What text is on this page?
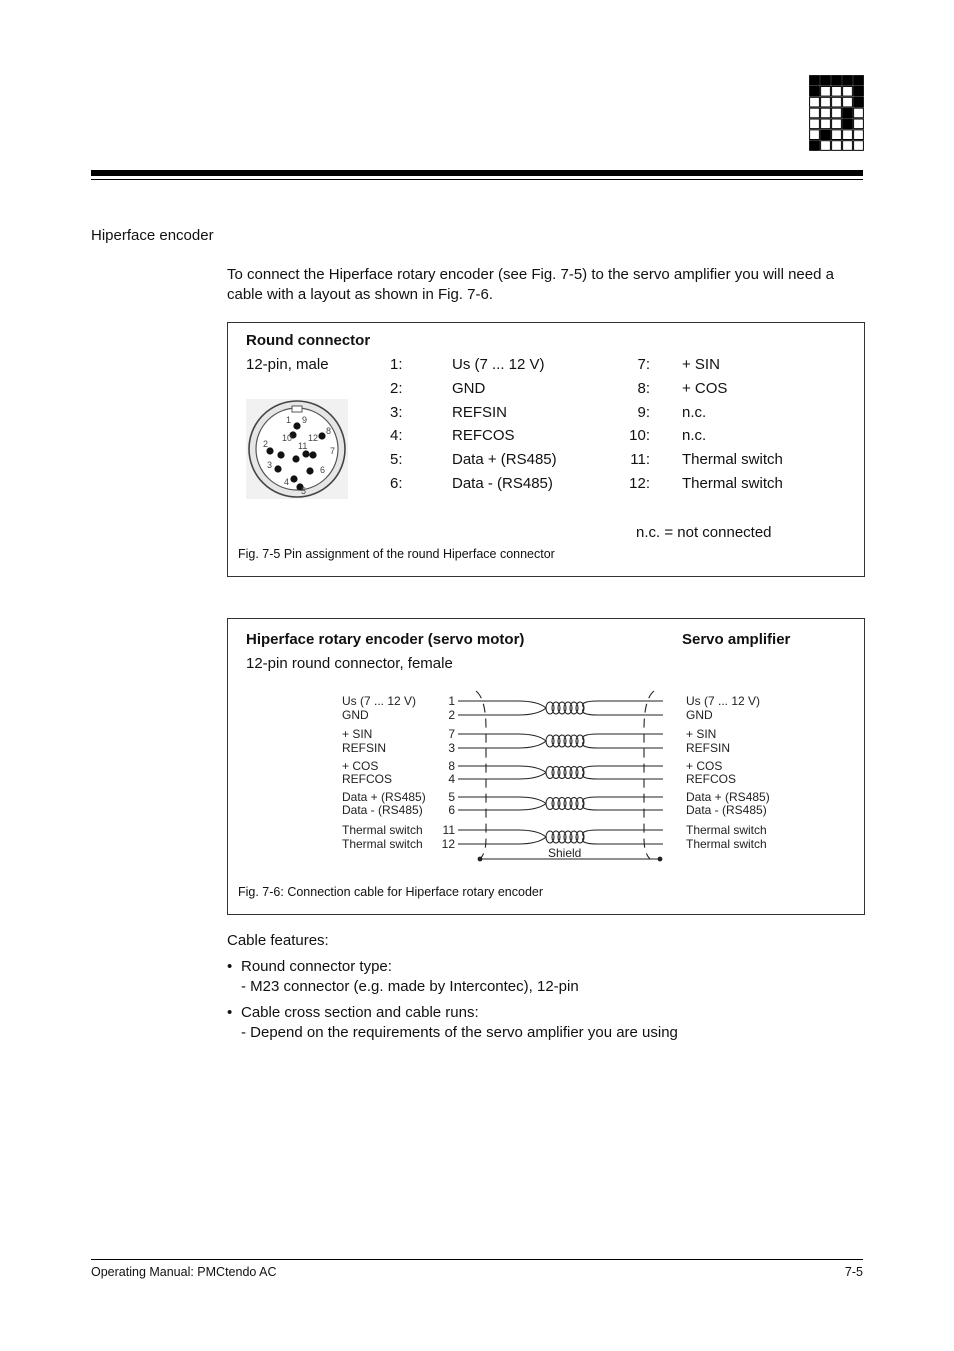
Hiperface encoder
To connect the Hiperface rotary encoder (see Fig. 7-5) to the servo amplifier you will need a cable with a layout as shown in Fig. 7-6.
Round connector
12-pin, male
1 9
8
2
10 12
11	7
3	6
4
5
1:	Us (7 ... 12 V)
2:	GND
3:	REFSIN
4:	REFCOS
5:	Data + (RS485)
6:	Data - (RS485)
7: + SIN
8: + COS
9: n.c.
10: n.c.
11: Thermal switch
12: Thermal switch
n.c. = not connected
Fig. 7-5 Pin assignment of the round Hiperface connector
Hiperface rotary encoder (servo motor)	Servo amplifier
12-pin round connector, female
Us (7 ... 12 V)	1	Us (7 ... 12 V)
GND	2	GND
+ SIN	7	+ SIN
REFSIN	3	REFSIN
+ COS	8	+ COS
REFCOS	4	REFCOS
Data + (RS485) 5	Data + (RS485)
Data - (RS485) 6	Data - (RS485)
Thermal switch 11	Thermal switch
Thermal switch 12	Thermal switch
Shield
Fig. 7-6: Connection cable for Hiperface rotary encoder

Cable features:

• Round connector type:
- M23 connector (e.g. made by Intercontec), 12-pin

• Cable cross section and cable runs:
- Depend on the requirements of the servo amplifier you are using

Operating Manual: PMCtendo AC	7-5
